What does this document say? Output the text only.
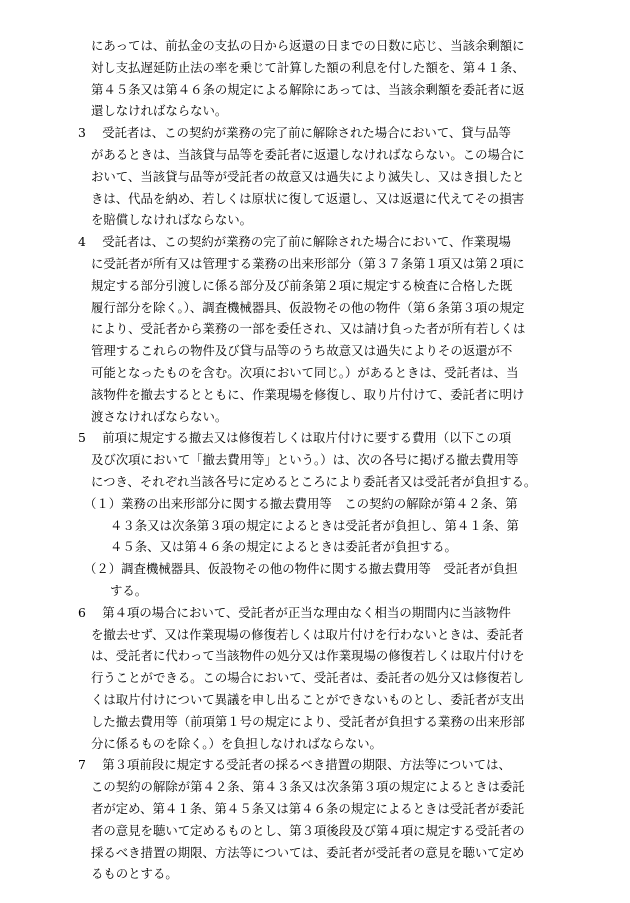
にあっては、前払金の支払の日から返還の日までの日数に応じ、当該余剰額に
対し支払遅延防止法の率を乗じて計算した額の利息を付した額を、第４１条、
第４５条又は第４６条の規定による解除にあっては、当該余剰額を委託者に返
還しなければならない。
3　 受託者は、この契約が業務の完了前に解除された場合において、貸与品等
があるときは、当該貸与品等を委託者に返還しなければならない。この場合に
おいて、当該貸与品等が受託者の故意又は過失により滅失し、又はき損したと
きは、代品を納め、若しくは原状に復して返還し、又は返還に代えてその損害
を賠償しなければならない。
4　 受託者は、この契約が業務の完了前に解除された場合において、作業現場
に受託者が所有又は管理する業務の出来形部分（第３７条第１項又は第２項に
規定する部分引渡しに係る部分及び前条第２項に規定する検査に合格した既
履行部分を除く。）、調査機械器具、仮設物その他の物件（第６条第３項の規定
により、受託者から業務の一部を委任され、又は請け負った者が所有若しくは
管理するこれらの物件及び貸与品等のうち故意又は過失によりその返還が不
可能となったものを含む。次項において同じ。）があるときは、受託者は、当
該物件を撤去するとともに、作業現場を修復し、取り片付けて、委託者に明け
渡さなければならない。
5　 前項に規定する撤去又は修復若しくは取片付けに要する費用（以下この項
及び次項において「撤去費用等」という。）は、次の各号に掲げる撤去費用等
につき、それぞれ当該各号に定めるところにより委託者又は受託者が負担する。
（１）業務の出来形部分に関する撤去費用等　この契約の解除が第４２条、第
４３条又は次条第３項の規定によるときは受託者が負担し、第４１条、第
４５条、又は第４６条の規定によるときは委託者が負担する。
（２）調査機械器具、仮設物その他の物件に関する撤去費用等　受託者が負担
する。
6　 第４項の場合において、受託者が正当な理由なく相当の期間内に当該物件
を撤去せず、又は作業現場の修復若しくは取片付けを行わないときは、委託者
は、受託者に代わって当該物件の処分又は作業現場の修復若しくは取片付けを
行うことができる。この場合において、受託者は、委託者の処分又は修復若し
くは取片付けについて異議を申し出ることができないものとし、委託者が支出
した撤去費用等（前項第１号の規定により、受託者が負担する業務の出来形部
分に係るものを除く。）を負担しなければならない。
7　 第３項前段に規定する受託者の採るべき措置の期限、方法等については、
この契約の解除が第４２条、第４３条又は次条第３項の規定によるときは委託
者が定め、第４１条、第４５条又は第４６条の規定によるときは受託者が委託
者の意見を聴いて定めるものとし、第３項後段及び第４項に規定する受託者の
採るべき措置の期限、方法等については、委託者が受託者の意見を聴いて定め
るものとする。
